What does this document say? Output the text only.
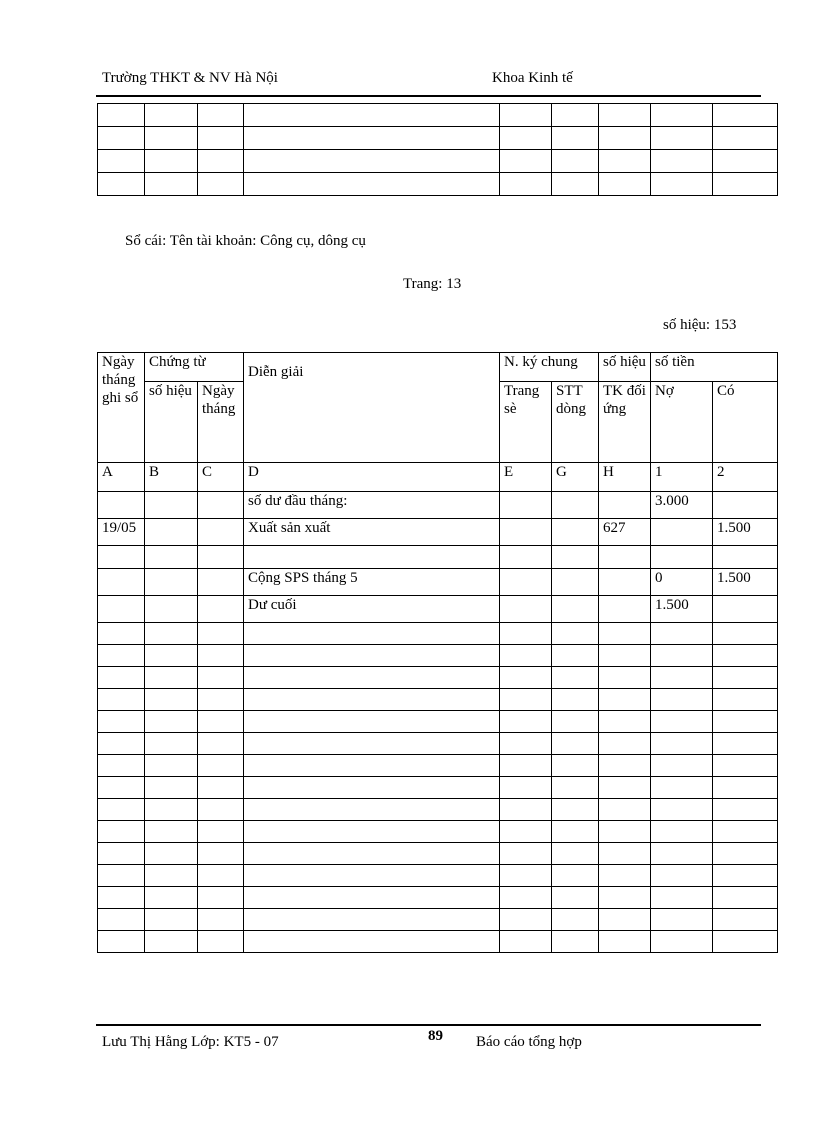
Trường THKT & NV Hà Nội	Khoa Kinh tế

Sổ cái: Tên tài khoản: Công cụ, dông cụ
Trang: 13
số hiệu: 153
Ngày tháng ghi sổ	Chứng từ		Diễn giải	N. ký chung		số hiệu	số tiền	
	số hiệu	Ngày tháng		Trang sè	STT dòng	TK đối ứng	Nợ	Có
A	B	C	D	E	G	H	1	2
			số dư đầu tháng:				3.000	
19/05			Xuất sản xuất			627		1.500

			Cộng SPS tháng 5				0	1.500
			Dư cuối				1.500	

Lưu Thị Hằng Lớp: KT5 - 07	89 Báo cáo tổng hợp
